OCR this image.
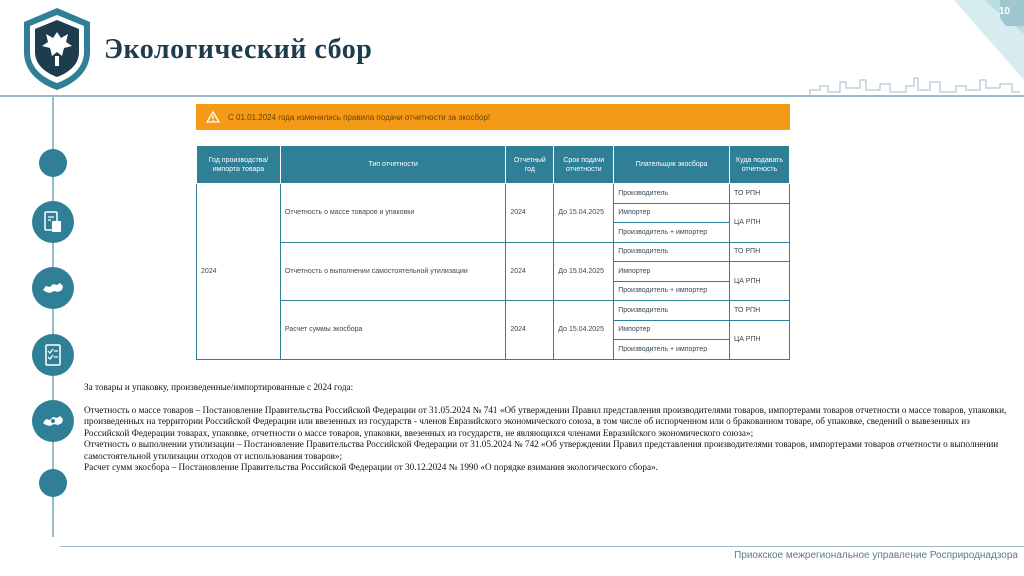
Экологический сбор
10
С 01.01.2024 года изменились правила подачи отчетности за экосбор!
Год производства/ импорта товара	Тип отчетности	Отчетный год	Срок подачи отчетности	Плательщик экосбора	Куда подавать отчетность
2024	Отчетность о массе товаров и упаковки	2024	До 15.04.2025	Производитель	ТО РПН
				Импортер	ЦА РПН
				Производитель + импортер	
	Отчетность о выполнении самостоятельной утилизации	2024	До 15.04.2025	Производитель	ТО РПН
				Импортер	ЦА РПН
				Производитель + импортер	
	Расчет суммы экосбора	2024	До 15.04.2025	Производитель	ТО РПН
				Импортер	ЦА РПН
				Производитель + импортер	

За товары и упаковку, произведенные/импортированные с 2024 года:

Отчетность о массе товаров – Постановление Правительства Российской Федерации от 31.05.2024 № 741 «Об утверждении Правил представления производителями товаров, импортерами товаров отчетности о массе товаров, упаковки, произведенных на территории Российской Федерации или ввезенных из государств - членов Евразийского экономического союза, в том числе об испорченном или о бракованном товаре, об упаковке, сведений о вывезенных из Российской Федерации товарах, упаковке, отчетности о массе товаров, упаковки, ввезенных из государств, не являющихся членами Евразийского экономического союза»;

Отчетность о выполнении утилизации – Постановление Правительства Российской Федерации от 31.05.2024 № 742 «Об утверждении Правил представления производителями товаров, импортерами товаров отчетности о выполнении самостоятельной утилизации отходов от использования товаров»;

Расчет сумм экосбора – Постановление Правительства Российской Федерации от 30.12.2024 № 1990 «О порядке взимания экологического сбора».

Приокское межрегиональное управление Росприроднадзора
